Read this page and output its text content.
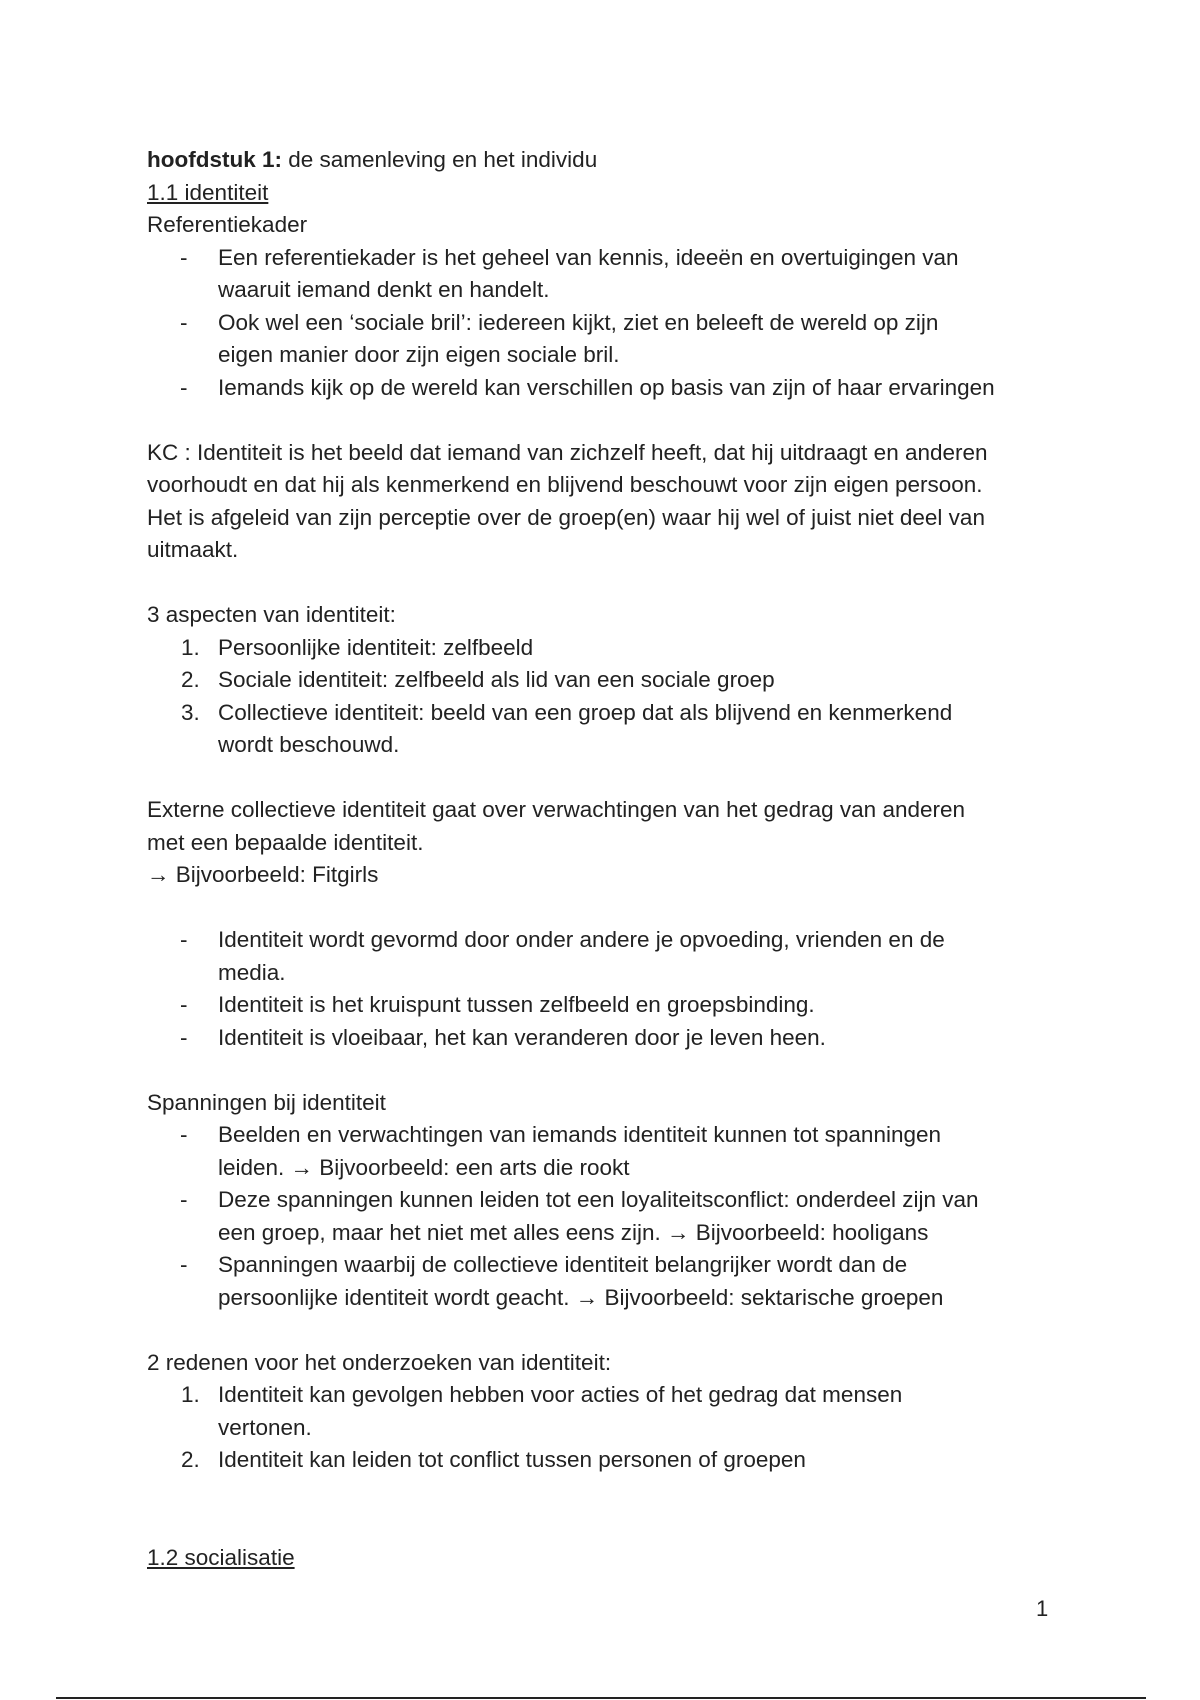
hoofdstuk 1: de samenleving en het individu

1.1 identiteit

Referentiekader

- Een referentiekader is het geheel van kennis, ideeën en overtuigingen van
waaruit iemand denkt en handelt.
- Ook wel een ‘sociale bril’: iedereen kijkt, ziet en beleeft de wereld op zijn
eigen manier door zijn eigen sociale bril.
- Iemands kijk op de wereld kan verschillen op basis van zijn of haar ervaringen

KC : Identiteit is het beeld dat iemand van zichzelf heeft, dat hij uitdraagt en anderen

voorhoudt en dat hij als kenmerkend en blijvend beschouwt voor zijn eigen persoon.

Het is afgeleid van zijn perceptie over de groep(en) waar hij wel of juist niet deel van

uitmaakt.

3 aspecten van identiteit:

1. Persoonlijke identiteit: zelfbeeld
2. Sociale identiteit: zelfbeeld als lid van een sociale groep
3. Collectieve identiteit: beeld van een groep dat als blijvend en kenmerkend
wordt beschouwd.

Externe collectieve identiteit gaat over verwachtingen van het gedrag van anderen

met een bepaalde identiteit.

→ Bijvoorbeeld: Fitgirls

- Identiteit wordt gevormd door onder andere je opvoeding, vrienden en de
media.
- Identiteit is het kruispunt tussen zelfbeeld en groepsbinding.
- Identiteit is vloeibaar, het kan veranderen door je leven heen.

Spanningen bij identiteit

- Beelden en verwachtingen van iemands identiteit kunnen tot spanningen
leiden. → Bijvoorbeeld: een arts die rookt
- Deze spanningen kunnen leiden tot een loyaliteitsconflict: onderdeel zijn van
een groep, maar het niet met alles eens zijn. → Bijvoorbeeld: hooligans
- Spanningen waarbij de collectieve identiteit belangrijker wordt dan de
persoonlijke identiteit wordt geacht. → Bijvoorbeeld: sektarische groepen

2 redenen voor het onderzoeken van identiteit:

1. Identiteit kan gevolgen hebben voor acties of het gedrag dat mensen
vertonen.
2. Identiteit kan leiden tot conflict tussen personen of groepen

1.2 socialisatie

1
